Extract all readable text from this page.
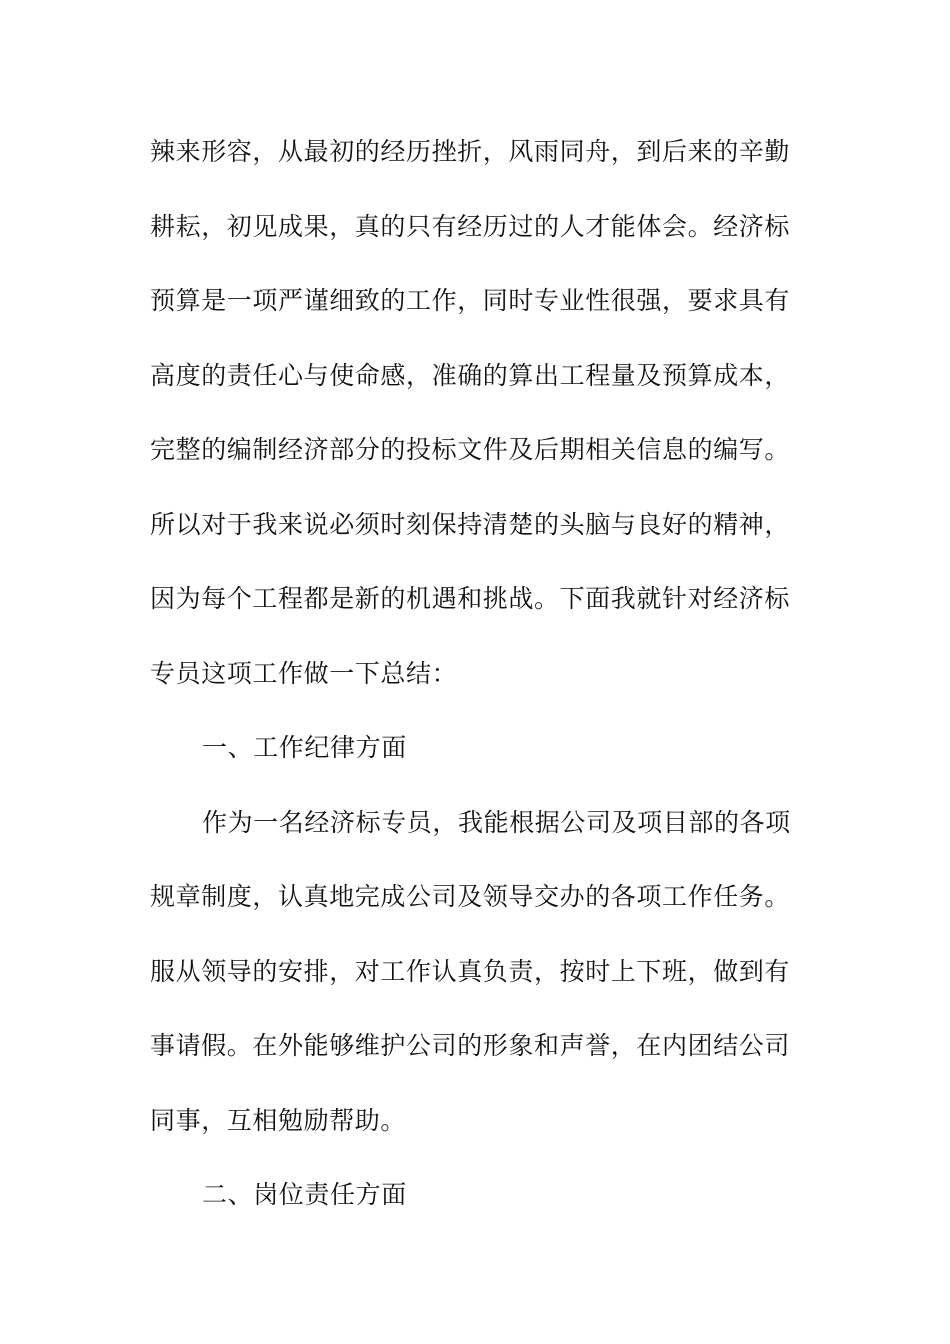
辣来形容，从最初的经历挫折，风雨同舟，到后来的辛勤
耕耘，初见成果，真的只有经历过的人才能体会。经济标
预算是一项严谨细致的工作，同时专业性很强，要求具有
高度的责任心与使命感，准确的算出工程量及预算成本，
完整的编制经济部分的投标文件及后期相关信息的编写。
所以对于我来说必须时刻保持清楚的头脑与良好的精神，
因为每个工程都是新的机遇和挑战。下面我就针对经济标
专员这项工作做一下总结：
一、工作纪律方面
作为一名经济标专员，我能根据公司及项目部的各项
规章制度，认真地完成公司及领导交办的各项工作任务。
服从领导的安排，对工作认真负责，按时上下班，做到有
事请假。在外能够维护公司的形象和声誉，在内团结公司
同事，互相勉励帮助。
二、岗位责任方面
